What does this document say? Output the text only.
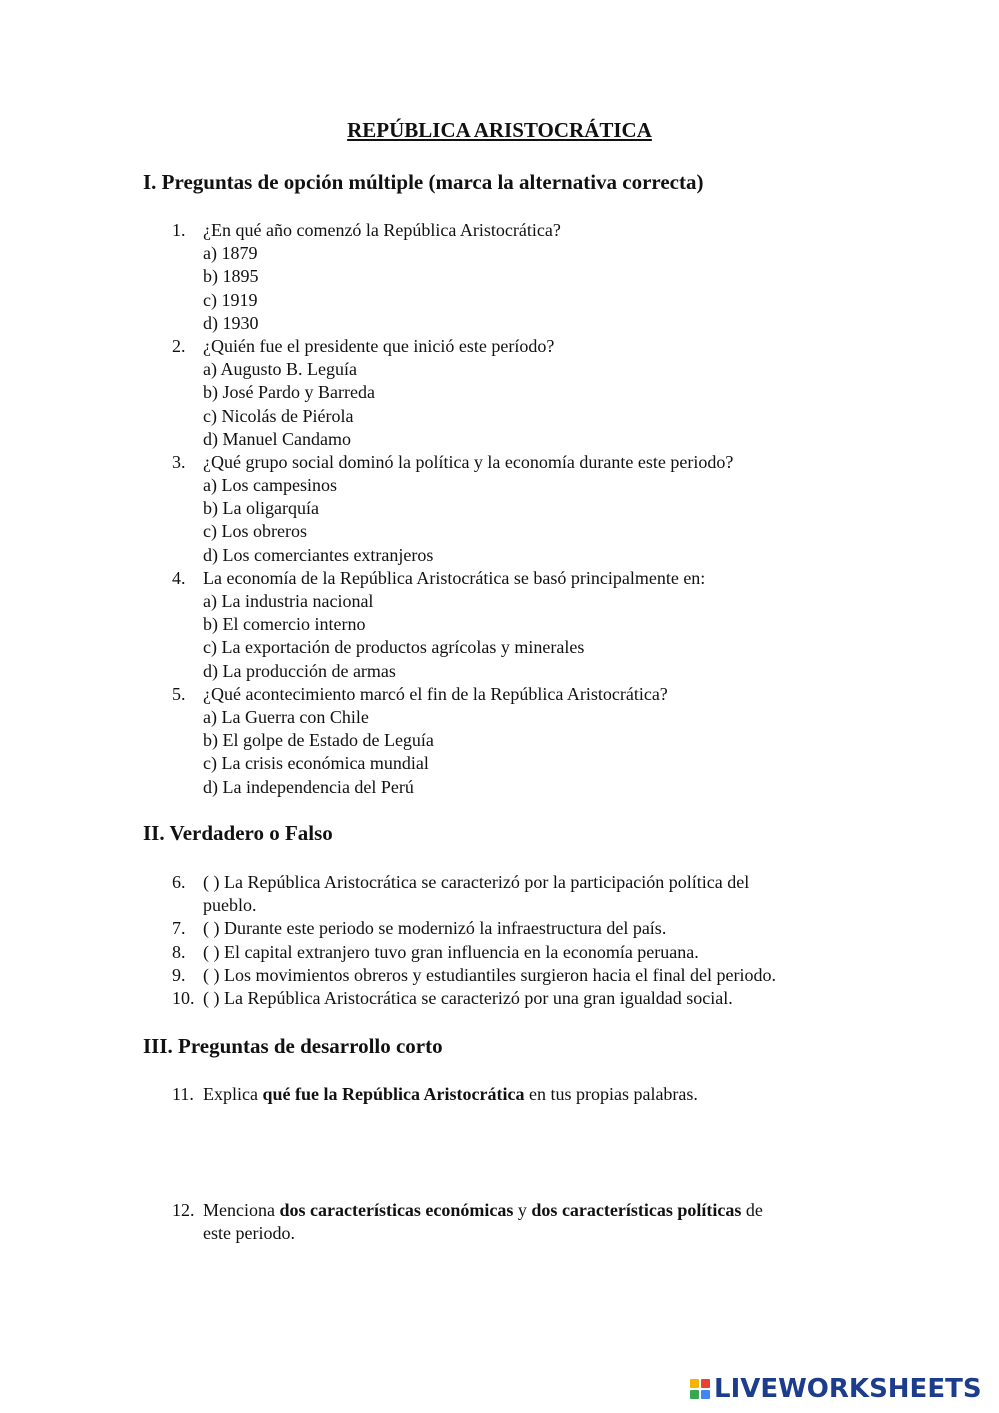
REPÚBLICA ARISTOCRÁTICA
I. Preguntas de opción múltiple (marca la alternativa correcta)
1. ¿En qué año comenzó la República Aristocrática?
a) 1879
b) 1895
c) 1919
d) 1930
2. ¿Quién fue el presidente que inició este período?
a) Augusto B. Leguía
b) José Pardo y Barreda
c) Nicolás de Piérola
d) Manuel Candamo
3. ¿Qué grupo social dominó la política y la economía durante este periodo?
a) Los campesinos
b) La oligarquía
c) Los obreros
d) Los comerciantes extranjeros
4. La economía de la República Aristocrática se basó principalmente en:
a) La industria nacional
b) El comercio interno
c) La exportación de productos agrícolas y minerales
d) La producción de armas
5. ¿Qué acontecimiento marcó el fin de la República Aristocrática?
a) La Guerra con Chile
b) El golpe de Estado de Leguía
c) La crisis económica mundial
d) La independencia del Perú
II. Verdadero o Falso
6. ( ) La República Aristocrática se caracterizó por la participación política del
pueblo.
7. ( ) Durante este periodo se modernizó la infraestructura del país.
8. ( ) El capital extranjero tuvo gran influencia en la economía peruana.
9. ( ) Los movimientos obreros y estudiantiles surgieron hacia el final del periodo.
10. ( ) La República Aristocrática se caracterizó por una gran igualdad social.
III. Preguntas de desarrollo corto
11. Explica qué fue la República Aristocrática en tus propias palabras.
12. Menciona dos características económicas y dos características políticas de
este periodo.
LIVEWORKSHEETS
